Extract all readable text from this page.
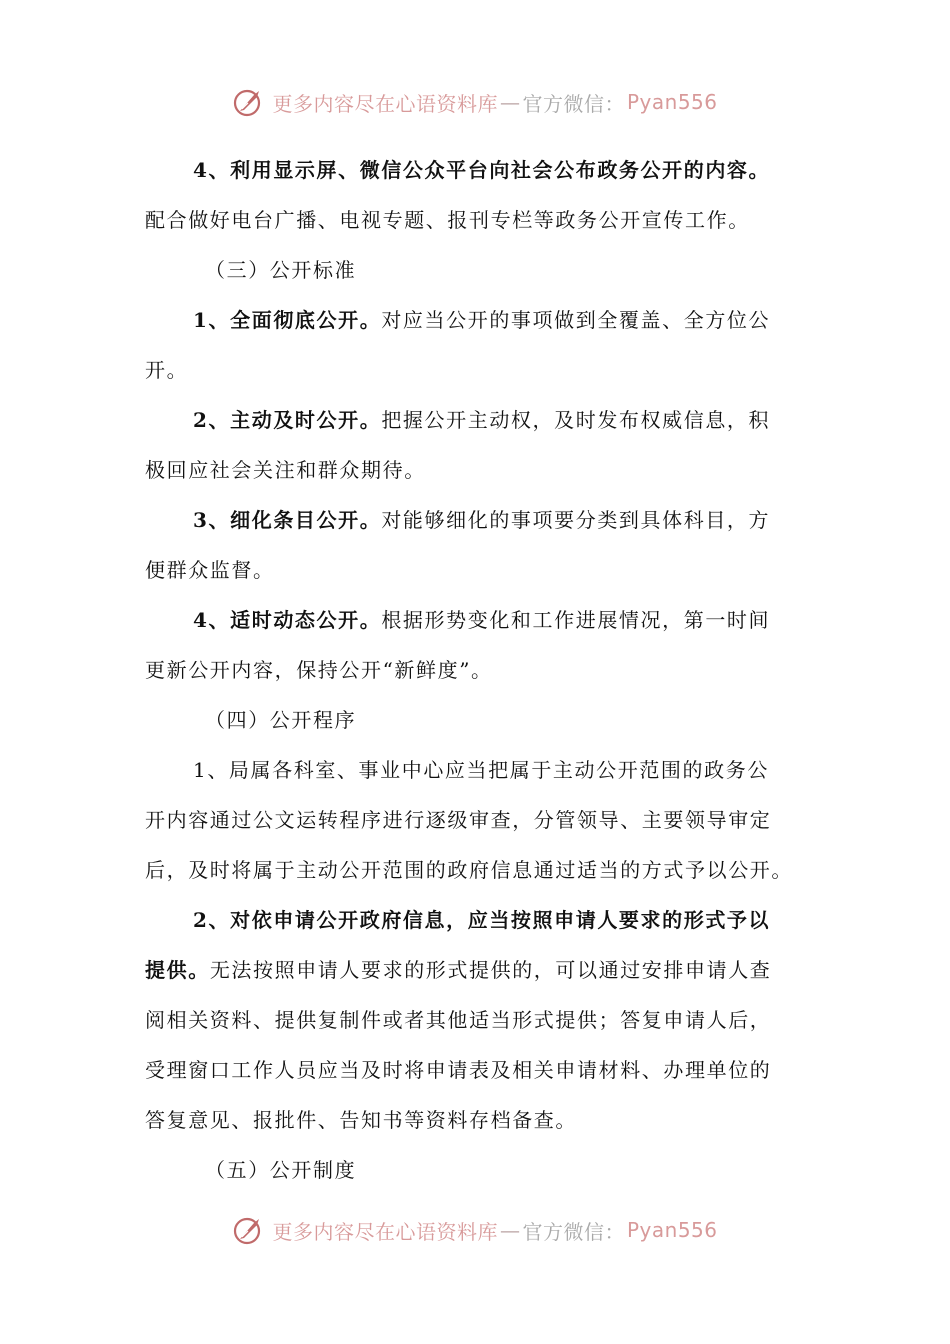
更多内容尽在心语资料库 — 官方微信： Pyan556
4、利用显示屏、微信公众平台向社会公布政务公开的内容。
配合做好电台广播、电视专题、报刊专栏等政务公开宣传工作。
（三）公开标准
1、全面彻底公开。对应当公开的事项做到全覆盖、全方位公
开。
2、主动及时公开。把握公开主动权，及时发布权威信息，积
极回应社会关注和群众期待。
3、细化条目公开。对能够细化的事项要分类到具体科目，方
便群众监督。
4、适时动态公开。根据形势变化和工作进展情况，第一时间
更新公开内容，保持公开“新鲜度”。
（四）公开程序
1、局属各科室、事业中心应当把属于主动公开范围的政务公
开内容通过公文运转程序进行逐级审查，分管领导、主要领导审定
后，及时将属于主动公开范围的政府信息通过适当的方式予以公开。
2、对依申请公开政府信息，应当按照申请人要求的形式予以
提供。无法按照申请人要求的形式提供的，可以通过安排申请人查
阅相关资料、提供复制件或者其他适当形式提供；答复申请人后，
受理窗口工作人员应当及时将申请表及相关申请材料、办理单位的
答复意见、报批件、告知书等资料存档备查。
（五）公开制度
更多内容尽在心语资料库 — 官方微信： Pyan556
